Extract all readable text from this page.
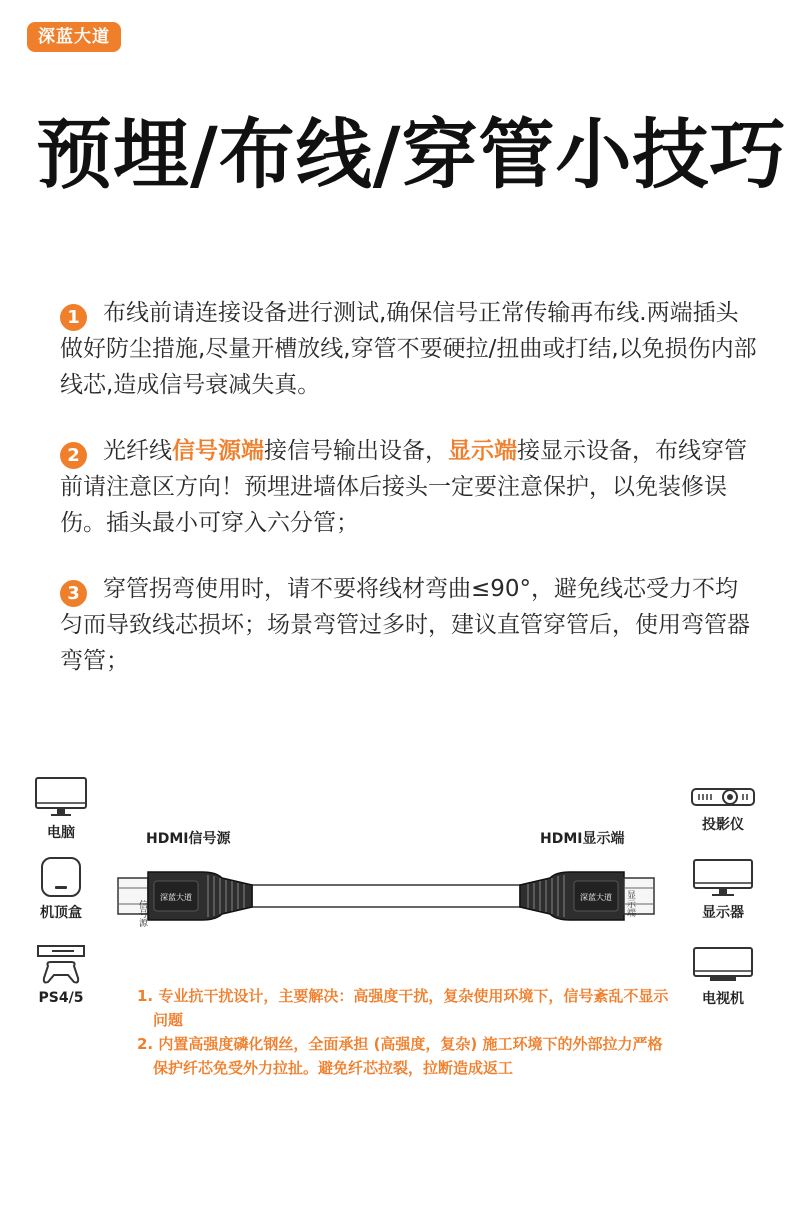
深蓝大道
预埋/布线/穿管小技巧
1 布线前请连接设备进行测试,确保信号正常传输再布线.两端插头做好防尘措施,尽量开槽放线,穿管不要硬拉/扭曲或打结,以免损伤内部线芯,造成信号衰减失真。
2 光纤线信号源端接信号输出设备，显示端接显示设备，布线穿管前请注意区方向！预埋进墙体后接头一定要注意保护，以免装修误伤。插头最小可穿入六分管；
3 穿管拐弯使用时，请不要将线材弯曲≤90°，避免线芯受力不均匀而导致线芯损坏；场景弯管过多时，建议直管穿管后，使用弯管器弯管；
电脑
机顶盒
PS4/5
投影仪
显示器
电视机
HDMI信号源	HDMI显示端
信号源
深蓝大道	深蓝大道 显示端
1. 专业抗干扰设计，主要解决：高强度干扰，复杂使用环境下，信号紊乱不显示问题
2. 内置高强度磷化钢丝，全面承担 (高强度，复杂) 施工环境下的外部拉力严格保护纤芯免受外力拉扯。避免纤芯拉裂，拉断造成返工
